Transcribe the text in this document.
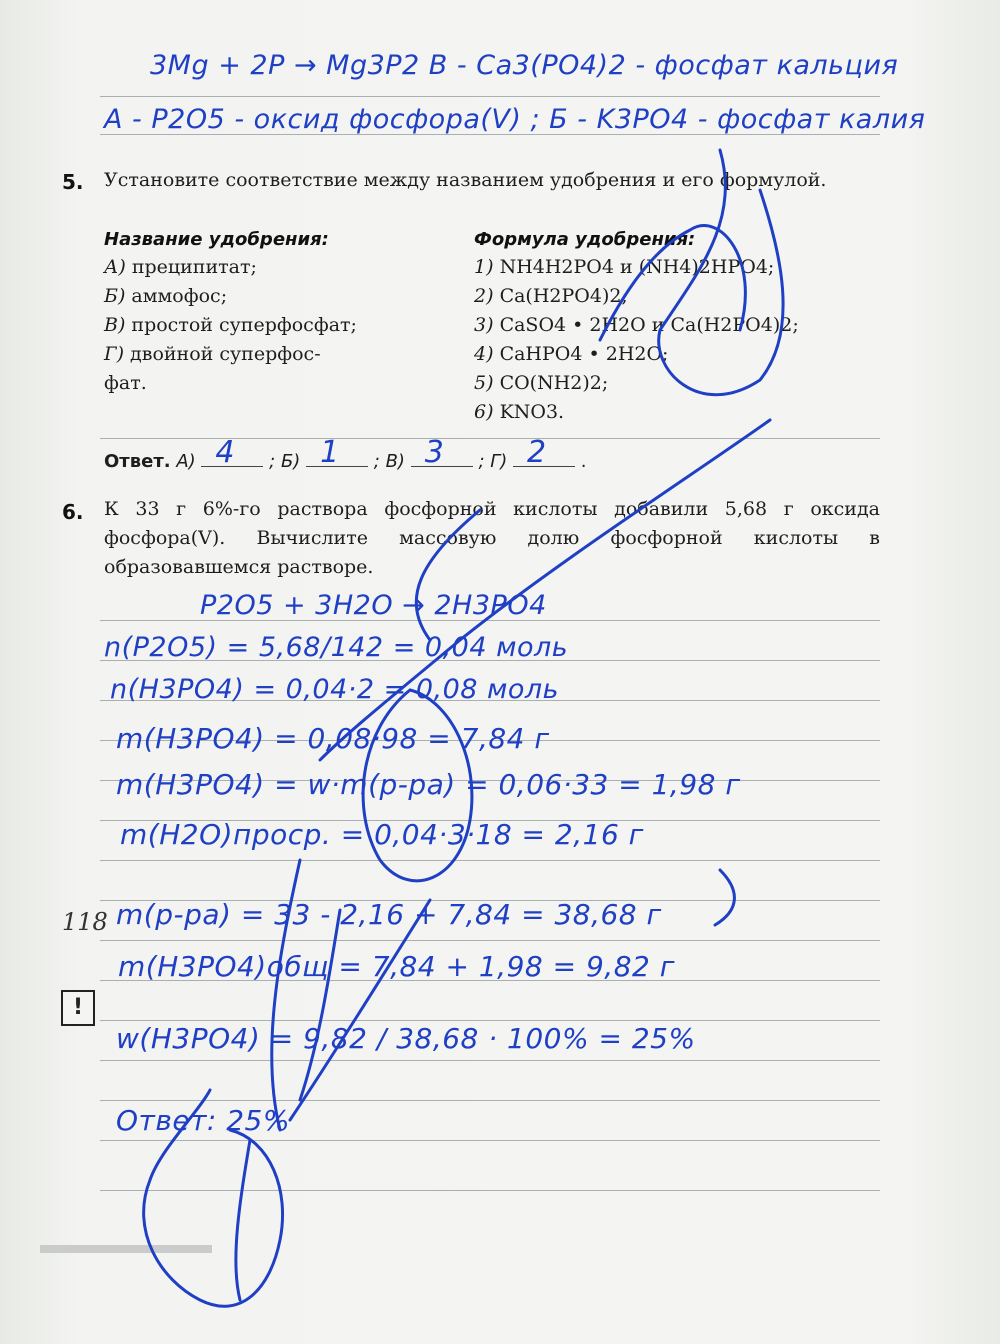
3Mg + 2P → Mg3P2 В - Ca3(PO4)2 - фосфат кальция
А - P2O5 - оксид фосфора(V) ; Б - K3PO4 - фосфат калия
5. Установите соответствие между названием удобрения и его формулой.
Название удобрения:	Формула удобрения:
А) преципитат;
Б) аммофос;
В) простой суперфосфат;
Г) двойной суперфос-
фат.
1) NH4H2PO4 и (NH4)2HPO4;
2) Ca(H2PO4)2;
3) CaSO4 • 2H2O и Ca(H2PO4)2;
4) CaHPO4 • 2H2O;
5) CO(NH2)2;
6) KNO3.
Ответ. А) 4 ; Б) 1 ; В) 3 ; Г) 2 .
6. К 33 г 6%-го раствора фосфорной кислоты добавили 5,68 г оксида фосфора(V). Вычислите массовую долю фосфорной кислоты в образовавшемся растворе.
P2O5 + 3H2O → 2H3PO4
n(P2O5) = 5,68/142 = 0,04 моль
n(H3PO4) = 0,04·2 = 0,08 моль
m(H3PO4) = 0,08·98 = 7,84 г
m(H3PO4) = w·m(р-ра) = 0,06·33 = 1,98 г
m(H2O)проср. = 0,04·3·18 = 2,16 г
m(р-ра) = 33 - 2,16 + 7,84 = 38,68 г
m(H3PO4)общ = 7,84 + 1,98 = 9,82 г
w(H3PO4) = 9,82 / 38,68 · 100% = 25%
Ответ: 25%
!
118
